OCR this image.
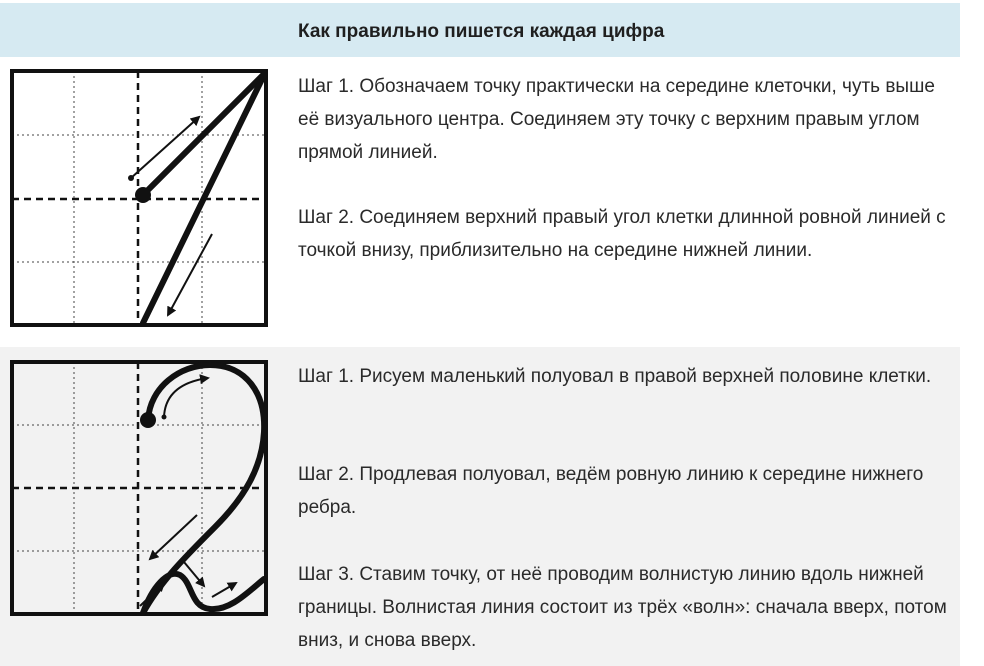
Как правильно пишется каждая цифра
Шаг 1. Обозначаем точку практически на середине клеточки, чуть выше её визуального центра. Соединяем эту точку с верхним правым углом прямой линией.
Шаг 2. Соединяем верхний правый угол клетки длинной ровной линией с точкой внизу, приблизительно на середине нижней линии.
Шаг 1. Рисуем маленький полуовал в правой верхней половине клетки.
Шаг 2. Продлевая полуовал, ведём ровную линию к середине нижнего ребра.
Шаг 3. Ставим точку, от неё проводим волнистую линию вдоль нижней границы. Волнистая линия состоит из трёх «волн»: сначала вверх, потом вниз, и снова вверх.
